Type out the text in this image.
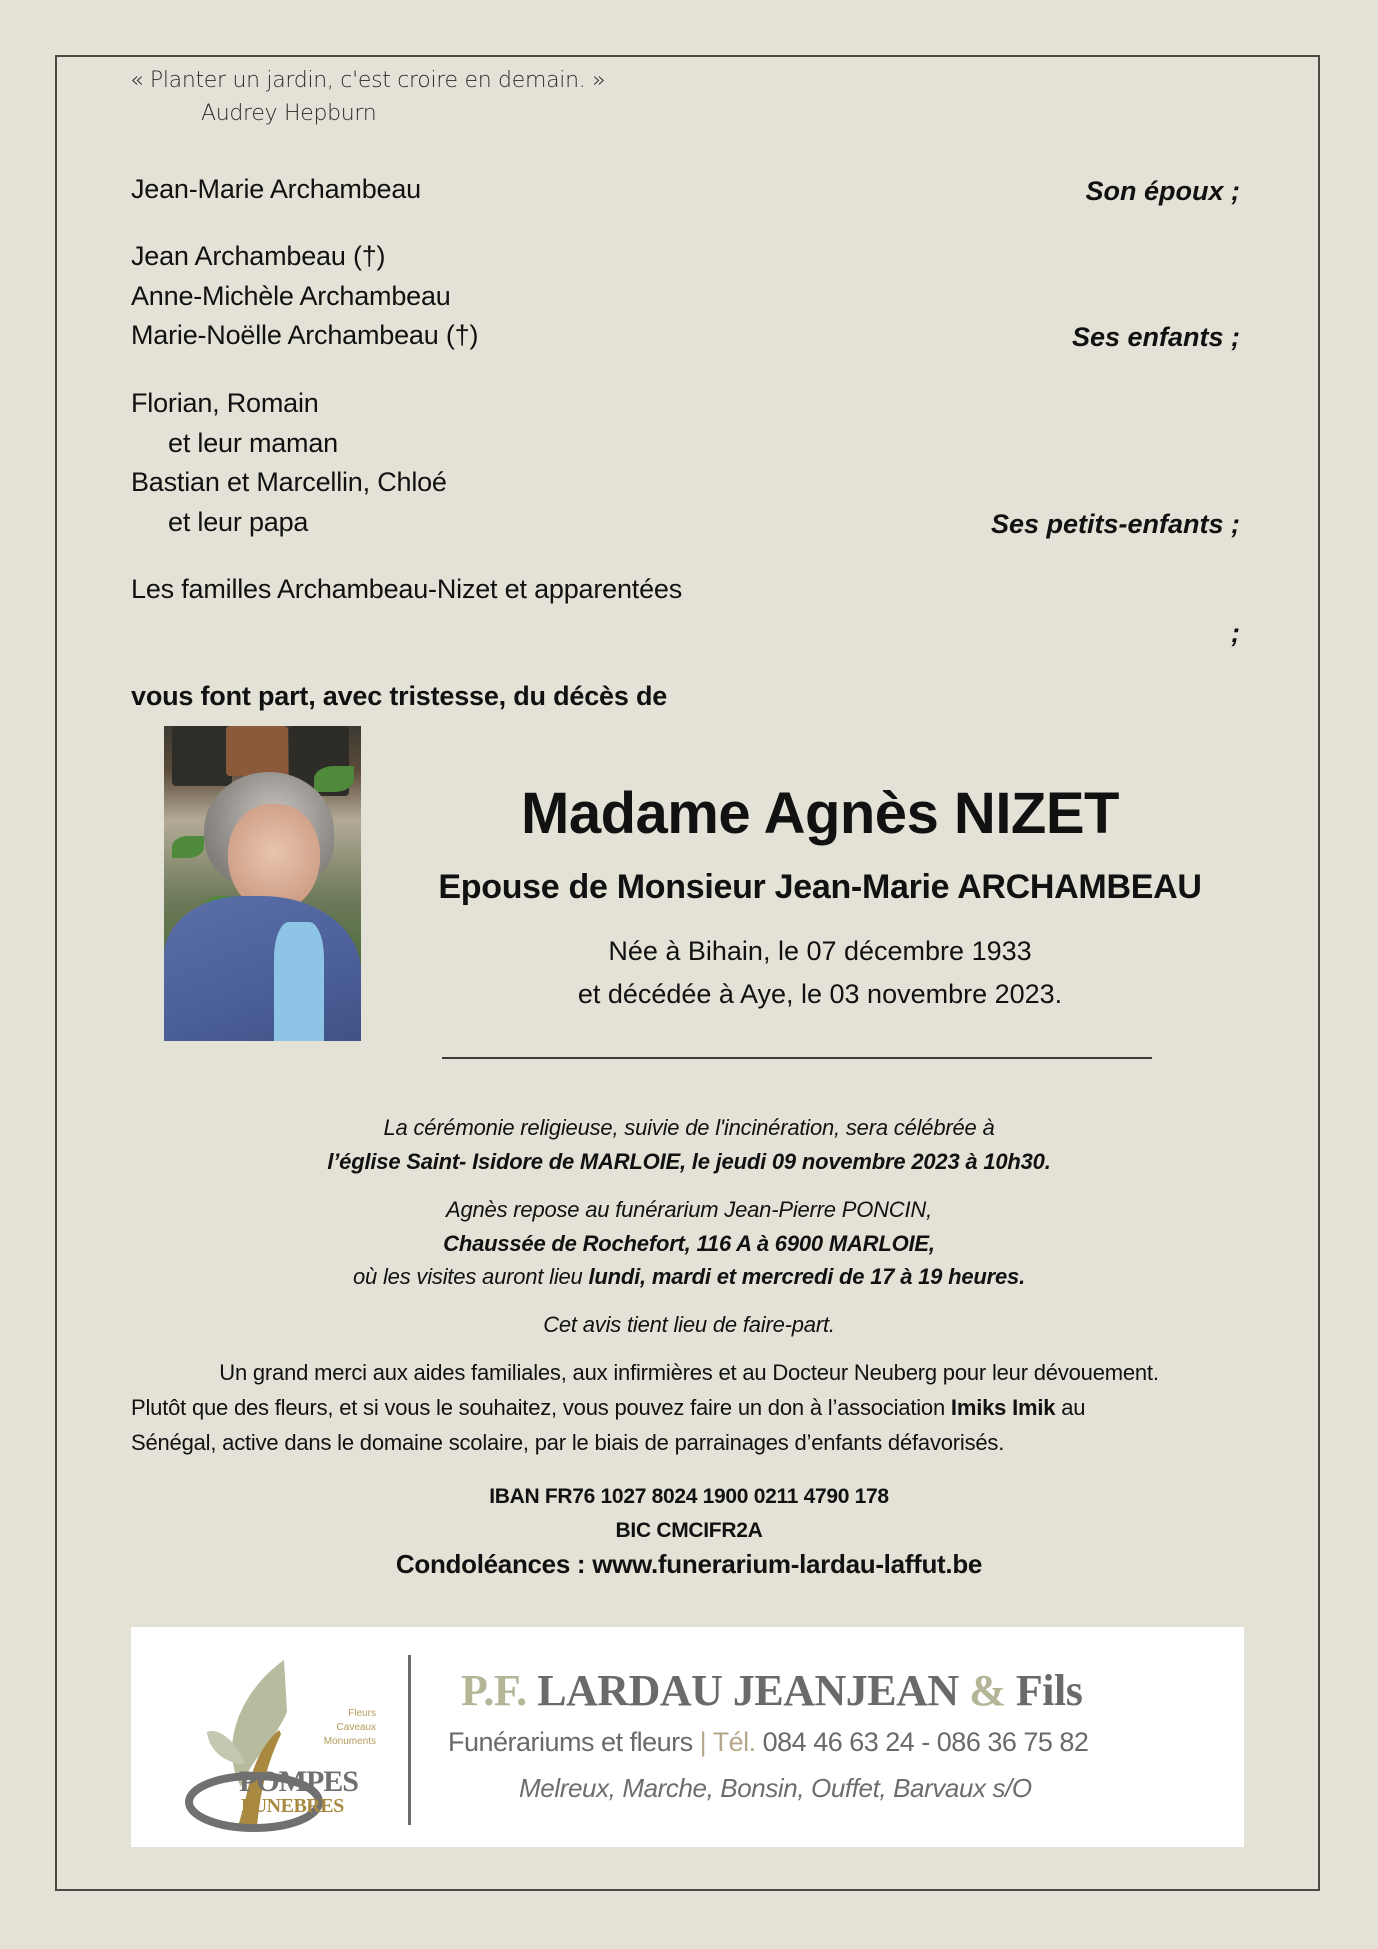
« Planter un jardin, c'est croire en demain. »
Audrey Hepburn
Jean-Marie Archambeau	Son époux ;
Jean Archambeau (†)
Anne-Michèle Archambeau
Marie-Noëlle Archambeau (†)	Ses enfants ;
Florian, Romain
et leur maman
Bastian et Marcellin, Chloé
et leur papa	Ses petits-enfants ;
Les familles Archambeau-Nizet et apparentées
;
vous font part, avec tristesse, du décès de
Madame Agnès NIZET
Epouse de Monsieur Jean-Marie ARCHAMBEAU
Née à Bihain, le 07 décembre 1933
et décédée à Aye, le 03 novembre 2023.
La cérémonie religieuse, suivie de l'incinération, sera célébrée à
l’église Saint- Isidore de MARLOIE, le jeudi 09 novembre 2023 à 10h30.
Agnès repose au funérarium Jean-Pierre PONCIN,
Chaussée de Rochefort, 116 A à 6900 MARLOIE,
où les visites auront lieu lundi, mardi et mercredi de 17 à 19 heures.
Cet avis tient lieu de faire-part.
Un grand merci aux aides familiales, aux infirmières et au Docteur Neuberg pour leur dévouement.
Plutôt que des fleurs, et si vous le souhaitez, vous pouvez faire un don à l’association Imiks Imik au
Sénégal, active dans le domaine scolaire, par le biais de parrainages d’enfants défavorisés.
IBAN FR76 1027 8024 1900 0211 4790 178
BIC CMCIFR2A
Condoléances : www.funerarium-lardau-laffut.be
Fleurs
Caveaux
Monuments
POMPES
FUNEBRES
P.F. LARDAU JEANJEAN & Fils
Funérariums et fleurs | Tél. 084 46 63 24 - 086 36 75 82
Melreux, Marche, Bonsin, Ouffet, Barvaux s/O
